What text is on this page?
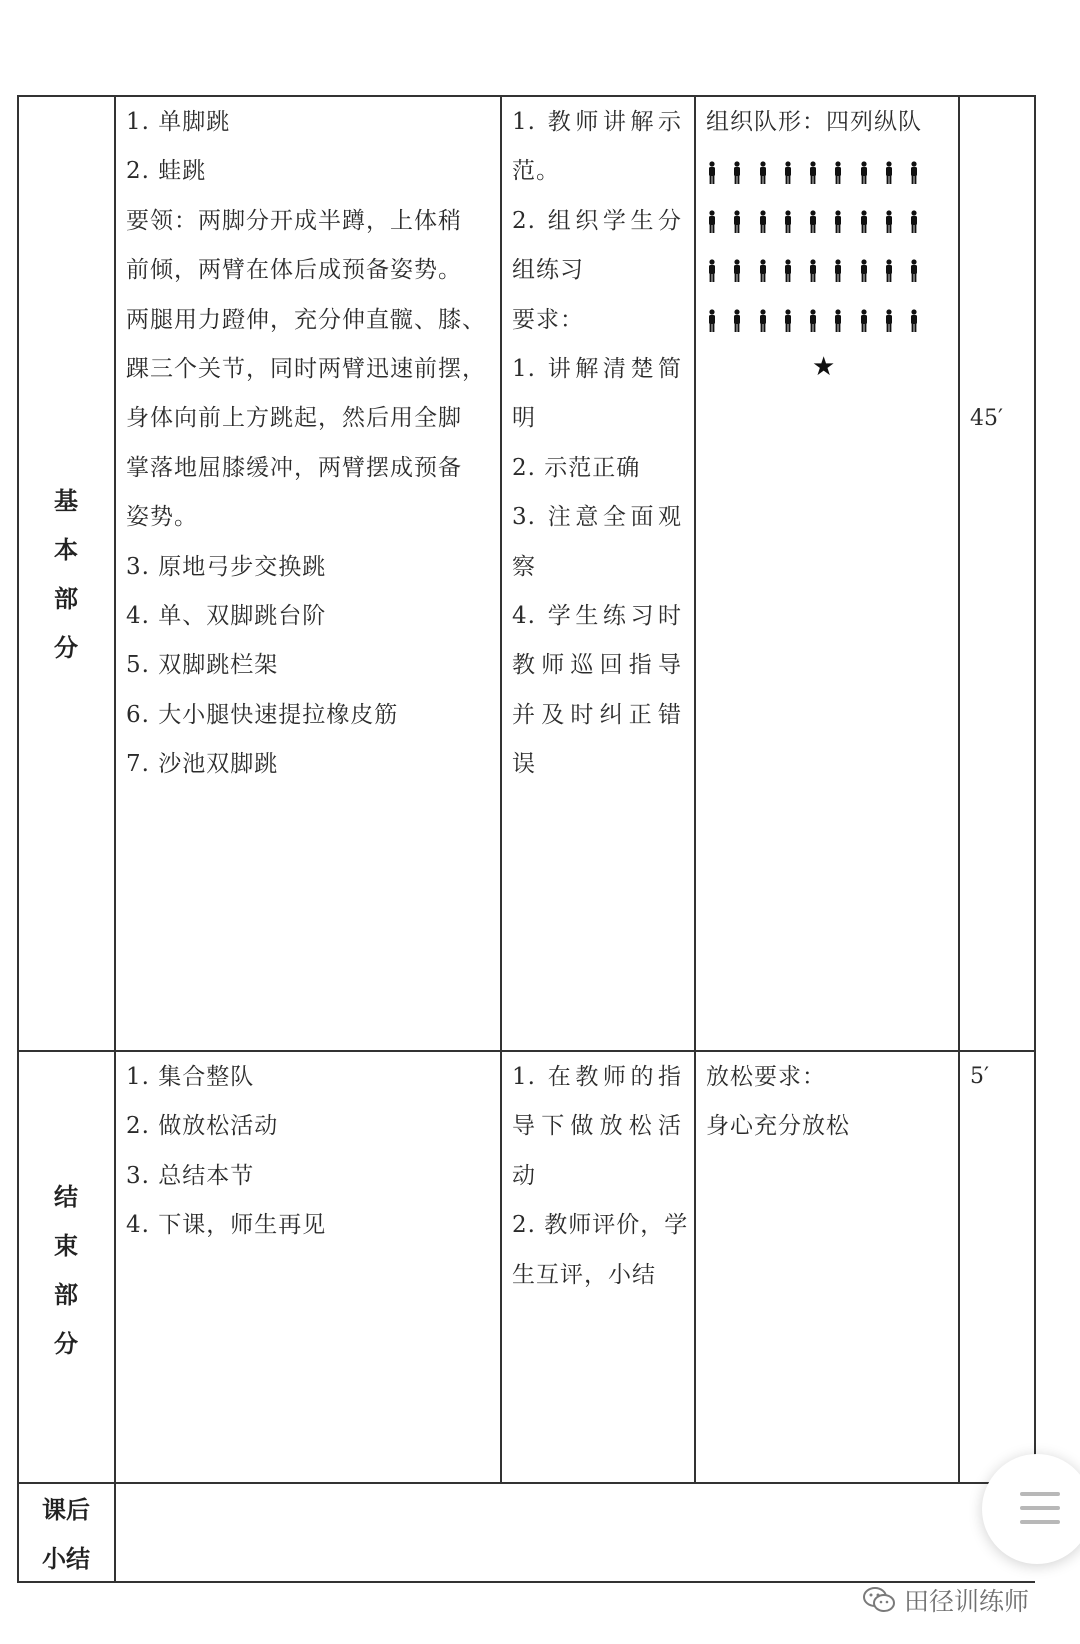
基
本
部
分
1. 单脚跳
2. 蛙跳
要领：两脚分开成半蹲，上体稍
前倾，两臂在体后成预备姿势。
两腿用力蹬伸，充分伸直髋、膝、
踝三个关节，同时两臂迅速前摆，
身体向前上方跳起，然后用全脚
掌落地屈膝缓冲，两臂摆成预备
姿势。
3. 原地弓步交换跳
4. 单、双脚跳台阶
5. 双脚跳栏架
6. 大小腿快速提拉橡皮筋
7. 沙池双脚跳
1. 教师讲解示
范。
2. 组织学生分
组练习
要求：
1. 讲解清楚简
明
2. 示范正确
3. 注意全面观
察
4. 学生练习时
教师巡回指导
并及时纠正错
误
组织队形：四列纵队
★
45′
结
束
部
分
1. 集合整队
2. 做放松活动
3. 总结本节
4. 下课，师生再见
1. 在教师的指
导下做放松活
动
2. 教师评价，学
生互评，小结
放松要求：
身心充分放松
5′
课后
小结
田径训练师
